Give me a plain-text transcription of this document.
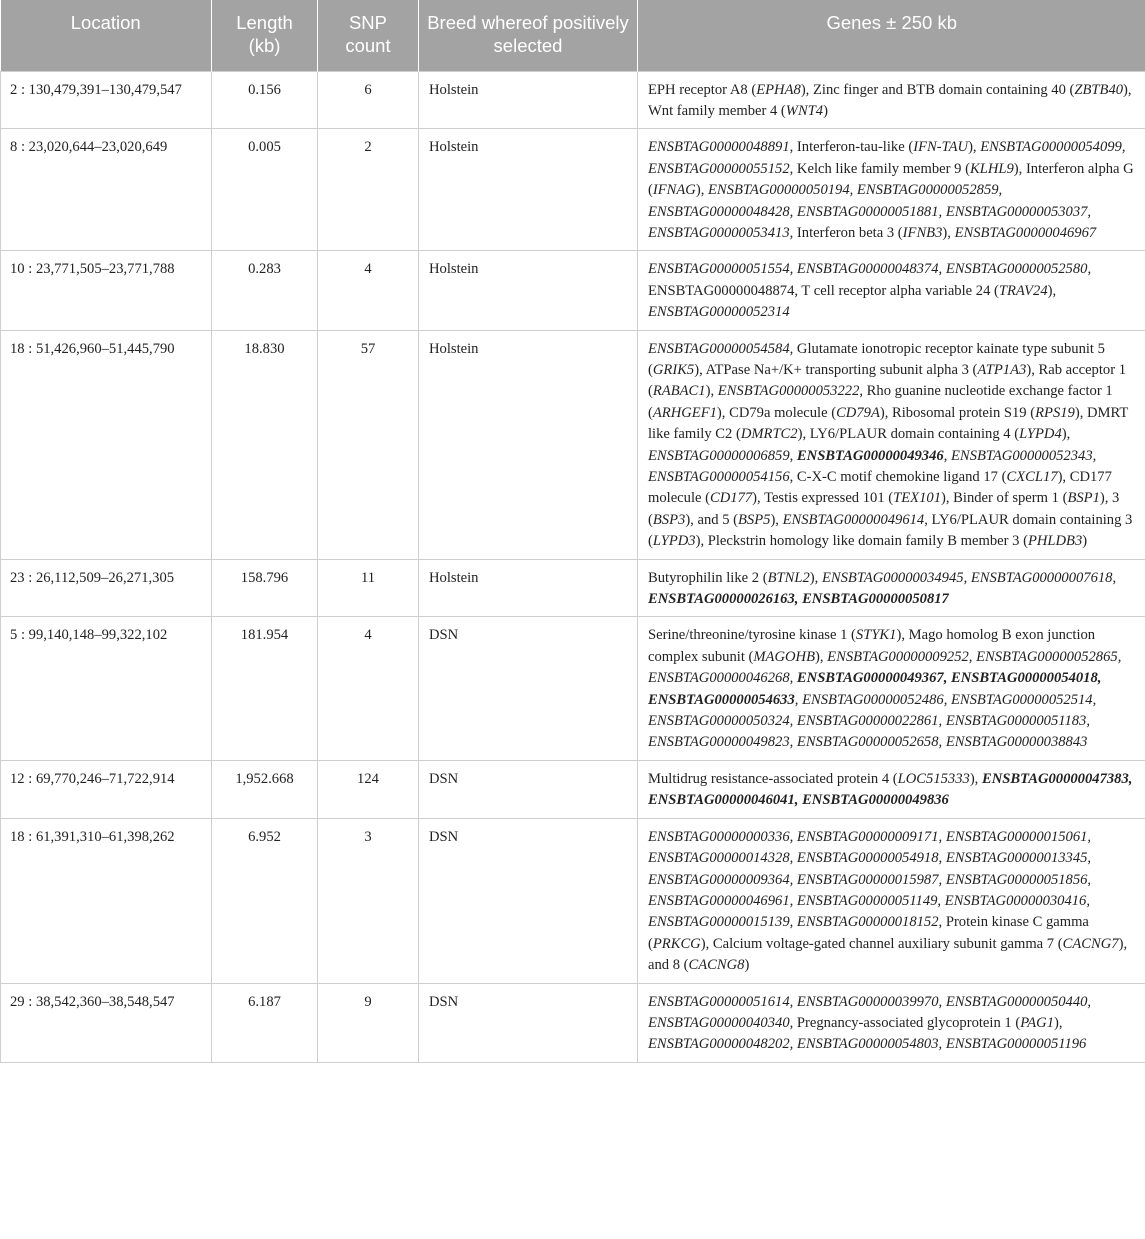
Location	Length (kb)	SNP count	Breed whereof positively selected	Genes ± 250 kb
2 : 130,479,391–130,479,547	0.156	6	Holstein	EPH receptor A8 (EPHA8), Zinc finger and BTB domain containing 40 (ZBTB40), Wnt family member 4 (WNT4)
8 : 23,020,644–23,020,649	0.005	2	Holstein	ENSBTAG00000048891, Interferon-tau-like (IFN-TAU), ENSBTAG00000054099, ENSBTAG00000055152, Kelch like family member 9 (KLHL9), Interferon alpha G (IFNAG), ENSBTAG00000050194, ENSBTAG00000052859, ENSBTAG00000048428, ENSBTAG00000051881, ENSBTAG00000053037, ENSBTAG00000053413, Interferon beta 3 (IFNB3), ENSBTAG00000046967
10 : 23,771,505–23,771,788	0.283	4	Holstein	ENSBTAG00000051554, ENSBTAG00000048374, ENSBTAG00000052580, ENSBTAG00000048874, T cell receptor alpha variable 24 (TRAV24), ENSBTAG00000052314
18 : 51,426,960–51,445,790	18.830	57	Holstein	ENSBTAG00000054584, Glutamate ionotropic receptor kainate type subunit 5 (GRIK5), ATPase Na+/K+ transporting subunit alpha 3 (ATP1A3), Rab acceptor 1 (RABAC1), ENSBTAG00000053222, Rho guanine nucleotide exchange factor 1 (ARHGEF1), CD79a molecule (CD79A), Ribosomal protein S19 (RPS19), DMRT like family C2 (DMRTC2), LY6/PLAUR domain containing 4 (LYPD4), ENSBTAG00000006859, ENSBTAG00000049346, ENSBTAG00000052343, ENSBTAG00000054156, C-X-C motif chemokine ligand 17 (CXCL17), CD177 molecule (CD177), Testis expressed 101 (TEX101), Binder of sperm 1 (BSP1), 3 (BSP3), and 5 (BSP5), ENSBTAG00000049614, LY6/PLAUR domain containing 3 (LYPD3), Pleckstrin homology like domain family B member 3 (PHLDB3)
23 : 26,112,509–26,271,305	158.796	11	Holstein	Butyrophilin like 2 (BTNL2), ENSBTAG00000034945, ENSBTAG00000007618, ENSBTAG00000026163, ENSBTAG00000050817
5 : 99,140,148–99,322,102	181.954	4	DSN	Serine/threonine/tyrosine kinase 1 (STYK1), Mago homolog B exon junction complex subunit (MAGOHB), ENSBTAG00000009252, ENSBTAG00000052865, ENSBTAG00000046268, ENSBTAG00000049367, ENSBTAG00000054018, ENSBTAG00000054633, ENSBTAG00000052486, ENSBTAG00000052514, ENSBTAG00000050324, ENSBTAG00000022861, ENSBTAG00000051183, ENSBTAG00000049823, ENSBTAG00000052658, ENSBTAG00000038843
12 : 69,770,246–71,722,914	1,952.668	124	DSN	Multidrug resistance-associated protein 4 (LOC515333), ENSBTAG00000047383, ENSBTAG00000046041, ENSBTAG00000049836
18 : 61,391,310–61,398,262	6.952	3	DSN	ENSBTAG00000000336, ENSBTAG00000009171, ENSBTAG00000015061, ENSBTAG00000014328, ENSBTAG00000054918, ENSBTAG00000013345, ENSBTAG00000009364, ENSBTAG00000015987, ENSBTAG00000051856, ENSBTAG00000046961, ENSBTAG00000051149, ENSBTAG00000030416, ENSBTAG00000015139, ENSBTAG00000018152, Protein kinase C gamma (PRKCG), Calcium voltage-gated channel auxiliary subunit gamma 7 (CACNG7), and 8 (CACNG8)
29 : 38,542,360–38,548,547	6.187	9	DSN	ENSBTAG00000051614, ENSBTAG00000039970, ENSBTAG00000050440, ENSBTAG00000040340, Pregnancy-associated glycoprotein 1 (PAG1), ENSBTAG00000048202, ENSBTAG00000054803, ENSBTAG00000051196
